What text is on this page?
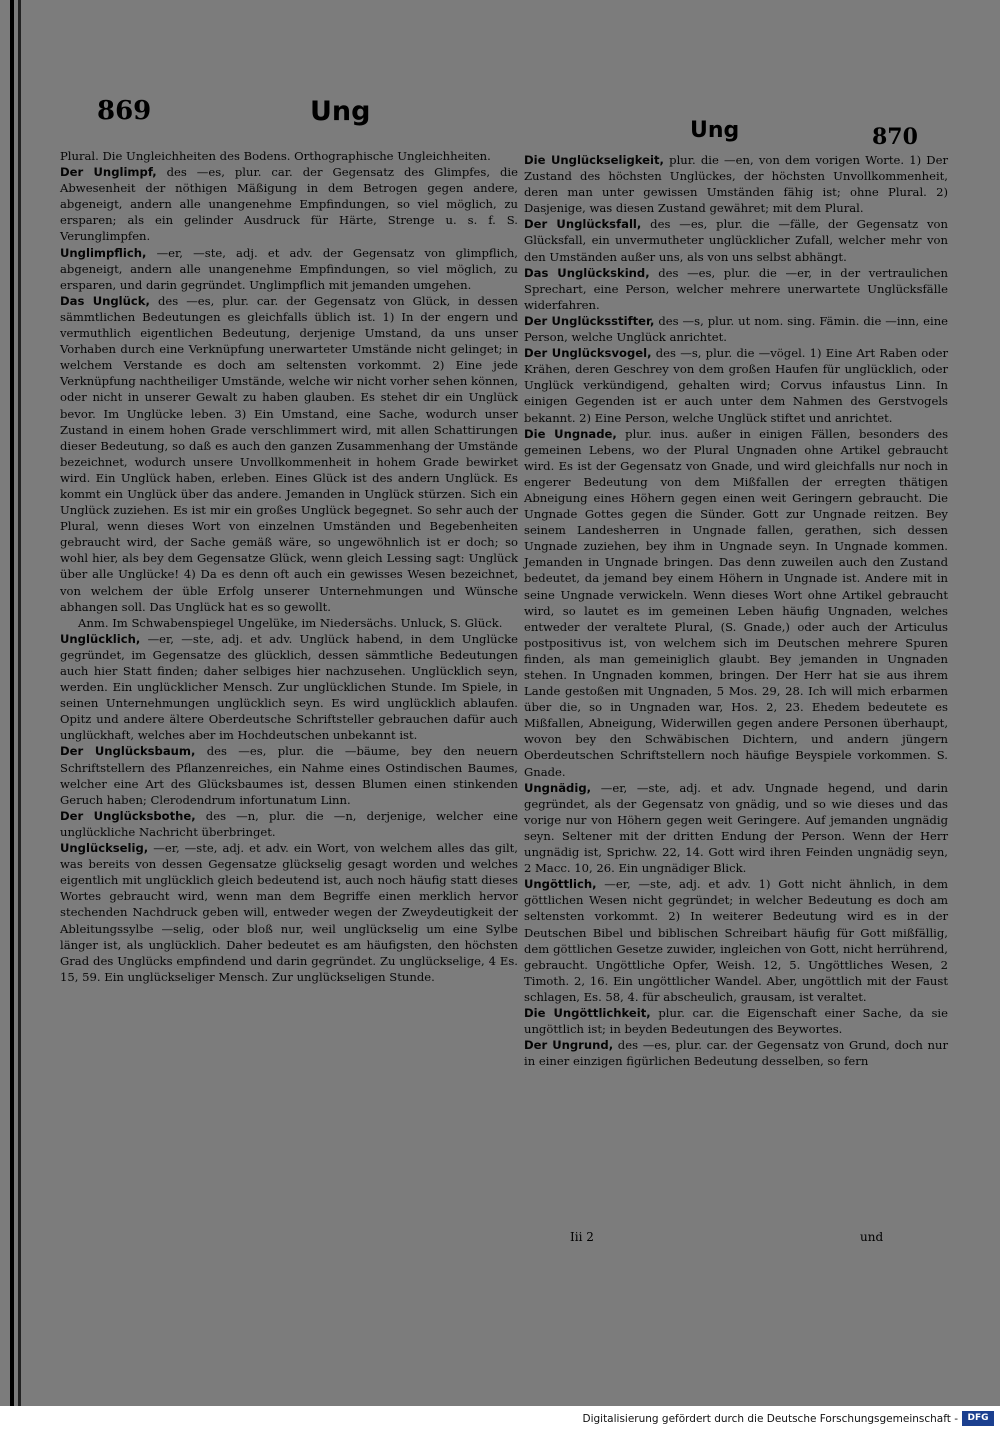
869	Ung
Ung	870

Plural. Die Ungleichheiten des Bodens. Orthographische Ungleichheiten.

Der Unglimpf, des —es, plur. car. der Gegensatz des Glimpfes, die Abwesenheit der nöthigen Mäßigung in dem Betrogen gegen andere, abgeneigt, andern alle unangenehme Empfindungen, so viel möglich, zu ersparen; als ein gelinder Ausdruck für Härte, Strenge u. s. f. S. Verunglimpfen.

Unglimpflich, —er, —ste, adj. et adv. der Gegensatz von glimpflich, abgeneigt, andern alle unangenehme Empfindungen, so viel möglich, zu ersparen, und darin gegründet. Unglimpflich mit jemanden umgehen.

Das Unglück, des —es, plur. car. der Gegensatz von Glück, in dessen sämmtlichen Bedeutungen es gleichfalls üblich ist. 1) In der engern und vermuthlich eigentlichen Bedeutung, derjenige Umstand, da uns unser Vorhaben durch eine Verknüpfung unerwarteter Umstände nicht gelinget; in welchem Verstande es doch am seltensten vorkommt. 2) Eine jede Verknüpfung nachtheiliger Umstände, welche wir nicht vorher sehen können, oder nicht in unserer Gewalt zu haben glauben. Es stehet dir ein Unglück bevor. Im Unglücke leben. 3) Ein Umstand, eine Sache, wodurch unser Zustand in einem hohen Grade verschlimmert wird, mit allen Schattirungen dieser Bedeutung, so daß es auch den ganzen Zusammenhang der Umstände bezeichnet, wodurch unsere Unvollkommenheit in hohem Grade bewirket wird. Ein Unglück haben, erleben. Eines Glück ist des andern Unglück. Es kommt ein Unglück über das andere. Jemanden in Unglück stürzen. Sich ein Unglück zuziehen. Es ist mir ein großes Unglück begegnet. So sehr auch der Plural, wenn dieses Wort von einzelnen Umständen und Begebenheiten gebraucht wird, der Sache gemäß wäre, so ungewöhnlich ist er doch; so wohl hier, als bey dem Gegensatze Glück, wenn gleich Lessing sagt: Unglück über alle Unglücke! 4) Da es denn oft auch ein gewisses Wesen bezeichnet, von welchem der üble Erfolg unserer Unternehmungen und Wünsche abhangen soll. Das Unglück hat es so gewollt.

Anm. Im Schwabenspiegel Ungelüke, im Niedersächs. Unluck, S. Glück.

Unglücklich, —er, —ste, adj. et adv. Unglück habend, in dem Unglücke gegründet, im Gegensatze des glücklich, dessen sämmtliche Bedeutungen auch hier Statt finden; daher selbiges hier nachzusehen. Unglücklich seyn, werden. Ein unglücklicher Mensch. Zur unglücklichen Stunde. Im Spiele, in seinen Unternehmungen unglücklich seyn. Es wird unglücklich ablaufen. Opitz und andere ältere Oberdeutsche Schriftsteller gebrauchen dafür auch unglückhaft, welches aber im Hochdeutschen unbekannt ist.

Der Unglücksbaum, des —es, plur. die —bäume, bey den neuern Schriftstellern des Pflanzenreiches, ein Nahme eines Ostindischen Baumes, welcher eine Art des Glücksbaumes ist, dessen Blumen einen stinkenden Geruch haben; Clerodendrum infortunatum Linn.

Der Unglücksbothe, des —n, plur. die —n, derjenige, welcher eine unglückliche Nachricht überbringet.

Unglückselig, —er, —ste, adj. et adv. ein Wort, von welchem alles das gilt, was bereits von dessen Gegensatze glückselig gesagt worden und welches eigentlich mit unglücklich gleich bedeutend ist, auch noch häufig statt dieses Wortes gebraucht wird, wenn man dem Begriffe einen merklich hervor stechenden Nachdruck geben will, entweder wegen der Zweydeutigkeit der Ableitungssylbe —selig, oder bloß nur, weil unglückselig um eine Sylbe länger ist, als unglücklich. Daher bedeutet es am häufigsten, den höchsten Grad des Unglücks empfindend und darin gegründet. Zu unglückselige, 4 Es. 15, 59. Ein unglückseliger Mensch. Zur unglückseligen Stunde.

Die Unglückseligkeit, plur. die —en, von dem vorigen Worte. 1) Der Zustand des höchsten Unglückes, der höchsten Unvollkommenheit, deren man unter gewissen Umständen fähig ist; ohne Plural. 2) Dasjenige, was diesen Zustand gewähret; mit dem Plural.

Der Unglücksfall, des —es, plur. die —fälle, der Gegensatz von Glücksfall, ein unvermutheter unglücklicher Zufall, welcher mehr von den Umständen außer uns, als von uns selbst abhängt.

Das Unglückskind, des —es, plur. die —er, in der vertraulichen Sprechart, eine Person, welcher mehrere unerwartete Unglücksfälle widerfahren.

Der Unglücksstifter, des —s, plur. ut nom. sing. Fämin. die —inn, eine Person, welche Unglück anrichtet.

Der Unglücksvogel, des —s, plur. die —vögel. 1) Eine Art Raben oder Krähen, deren Geschrey von dem großen Haufen für unglücklich, oder Unglück verkündigend, gehalten wird; Corvus infaustus Linn. In einigen Gegenden ist er auch unter dem Nahmen des Gerstvogels bekannt. 2) Eine Person, welche Unglück stiftet und anrichtet.

Die Ungnade, plur. inus. außer in einigen Fällen, besonders des gemeinen Lebens, wo der Plural Ungnaden ohne Artikel gebraucht wird. Es ist der Gegensatz von Gnade, und wird gleichfalls nur noch in engerer Bedeutung von dem Mißfallen der erregten thätigen Abneigung eines Höhern gegen einen weit Geringern gebraucht. Die Ungnade Gottes gegen die Sünder. Gott zur Ungnade reitzen. Bey seinem Landesherren in Ungnade fallen, gerathen, sich dessen Ungnade zuziehen, bey ihm in Ungnade seyn. In Ungnade kommen. Jemanden in Ungnade bringen. Das denn zuweilen auch den Zustand bedeutet, da jemand bey einem Höhern in Ungnade ist. Andere mit in seine Ungnade verwickeln. Wenn dieses Wort ohne Artikel gebraucht wird, so lautet es im gemeinen Leben häufig Ungnaden, welches entweder der veraltete Plural, (S. Gnade,) oder auch der Articulus postpositivus ist, von welchem sich im Deutschen mehrere Spuren finden, als man gemeiniglich glaubt. Bey jemanden in Ungnaden stehen. In Ungnaden kommen, bringen. Der Herr hat sie aus ihrem Lande gestoßen mit Ungnaden, 5 Mos. 29, 28. Ich will mich erbarmen über die, so in Ungnaden war, Hos. 2, 23. Ehedem bedeutete es Mißfallen, Abneigung, Widerwillen gegen andere Personen überhaupt, wovon bey den Schwäbischen Dichtern, und andern jüngern Oberdeutschen Schriftstellern noch häufige Beyspiele vorkommen. S. Gnade.

Ungnädig, —er, —ste, adj. et adv. Ungnade hegend, und darin gegründet, als der Gegensatz von gnädig, und so wie dieses und das vorige nur von Höhern gegen weit Geringere. Auf jemanden ungnädig seyn. Seltener mit der dritten Endung der Person. Wenn der Herr ungnädig ist, Sprichw. 22, 14. Gott wird ihren Feinden ungnädig seyn, 2 Macc. 10, 26. Ein ungnädiger Blick.

Ungöttlich, —er, —ste, adj. et adv. 1) Gott nicht ähnlich, in dem göttlichen Wesen nicht gegründet; in welcher Bedeutung es doch am seltensten vorkommt. 2) In weiterer Bedeutung wird es in der Deutschen Bibel und biblischen Schreibart häufig für Gott mißfällig, dem göttlichen Gesetze zuwider, ingleichen von Gott, nicht herrührend, gebraucht. Ungöttliche Opfer, Weish. 12, 5. Ungöttliches Wesen, 2 Timoth. 2, 16. Ein ungöttlicher Wandel. Aber, ungöttlich mit der Faust schlagen, Es. 58, 4. für abscheulich, grausam, ist veraltet.

Die Ungöttlichkeit, plur. car. die Eigenschaft einer Sache, da sie ungöttlich ist; in beyden Bedeutungen des Beywortes.

Der Ungrund, des —es, plur. car. der Gegensatz von Grund, doch nur in einer einzigen figürlichen Bedeutung desselben, so fern

Iii 2	und
Digitalisierung gefördert durch die Deutsche Forschungsgemeinschaft -	DFG
